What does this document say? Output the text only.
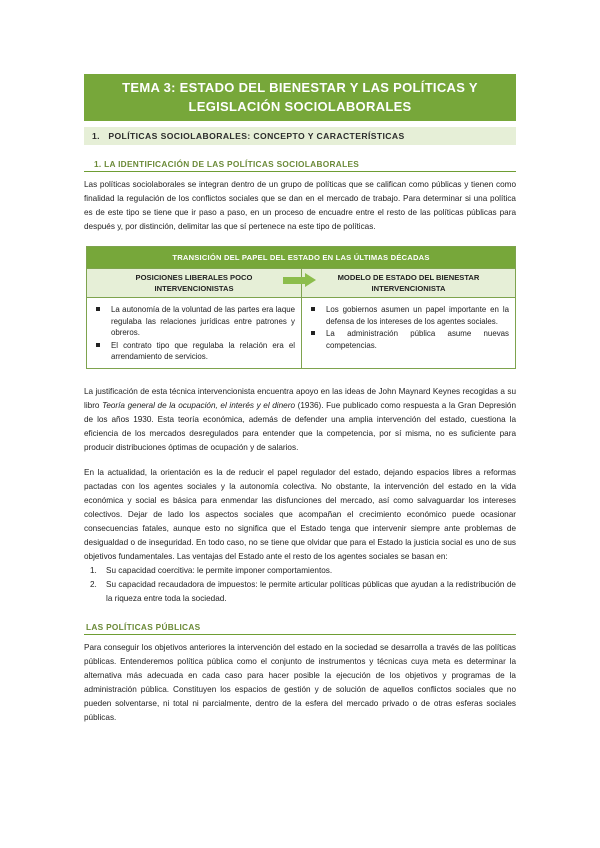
TEMA 3: ESTADO DEL BIENESTAR Y LAS POLÍTICAS Y LEGISLACIÓN SOCIOLABORALES
1. POLÍTICAS SOCIOLABORALES: CONCEPTO Y CARACTERÍSTICAS
1. LA IDENTIFICACIÓN DE LAS POLÍTICAS SOCIOLABORALES

Las políticas sociolaborales se integran dentro de un grupo de políticas que se califican como públicas y tienen como finalidad la regulación de los conflictos sociales que se dan en el mercado de trabajo. Para determinar si una política es de este tipo se tiene que ir paso a paso, en un proceso de encuadre entre el resto de las políticas públicas para después y, por distinción, delimitar las que sí pertenece na este tipo de políticas.

TRANSICIÓN DEL PAPEL DEL ESTADO EN LAS ÚLTIMAS DÉCADAS
POSICIONES LIBERALES POCO INTERVENCIONISTAS
MODELO DE ESTADO DEL BIENESTAR INTERVENCIONISTA
La autonomía de la voluntad de las partes era laque regulaba las relaciones jurídicas entre patrones y obreros.
El contrato tipo que regulaba la relación era el arrendamiento de servicios.
Los gobiernos asumen un papel importante en la defensa de los intereses de los agentes sociales.
La administración pública asume nuevas competencias.

La justificación de esta técnica intervencionista encuentra apoyo en las ideas de John Maynard Keynes recogidas a su libro Teoría general de la ocupación, el interés y el dinero (1936). Fue publicado como respuesta a la Gran Depresión de los años 1930. Esta teoría económica, además de defender una amplia intervención del estado, cuestiona la eficiencia de los mercados desregulados para entender que la competencia, por sí misma, no es suficiente para producir distribuciones óptimas de ocupación y de salarios.

En la actualidad, la orientación es la de reducir el papel regulador del estado, dejando espacios libres a reformas pactadas con los agentes sociales y la autonomía colectiva. No obstante, la intervención del estado en la vida económica y social es básica para enmendar las disfunciones del mercado, así como salvaguardar los intereses colectivos. Dejar de lado los aspectos sociales que acompañan el crecimiento económico puede ocasionar consecuencias fatales, aunque esto no significa que el Estado tenga que intervenir siempre ante problemas de desigualdad o de inseguridad. En todo caso, no se tiene que olvidar que para el Estado la justicia social es uno de sus objetivos fundamentales. Las ventajas del Estado ante el resto de los agentes sociales se basan en:

1. Su capacidad coercitiva: le permite imponer comportamientos.
2. Su capacidad recaudadora de impuestos: le permite articular políticas públicas que ayudan a la redistribución de la riqueza entre toda la sociedad.
LAS POLÍTICAS PÚBLICAS

Para conseguir los objetivos anteriores la intervención del estado en la sociedad se desarrolla a través de las políticas públicas. Entenderemos política pública como el conjunto de instrumentos y técnicas cuya meta es determinar la alternativa más adecuada en cada caso para hacer posible la ejecución de los objetivos y programas de la administración pública. Constituyen los espacios de gestión y de solución de aquellos conflictos sociales que no pueden solventarse, ni total ni parcialmente, dentro de la esfera del mercado privado o de otras esferas sociales públicas.
